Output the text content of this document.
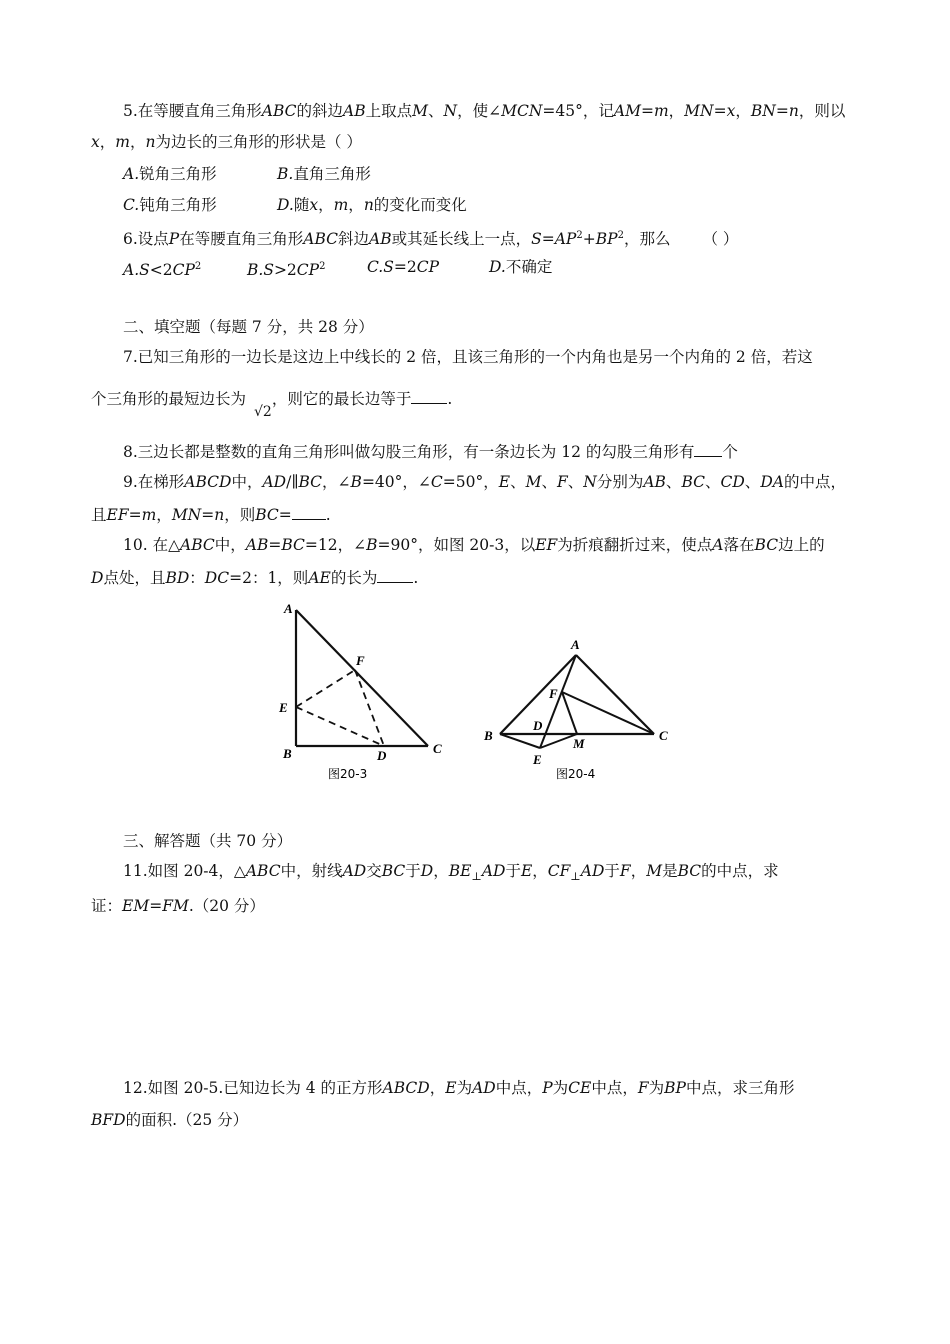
5.在等腰直角三角形ABC的斜边AB上取点M、N，使∠MCN=45°，记AM=m，MN=x，BN=n，则以
x，m，n为边长的三角形的形状是（ ）
A.锐角三角形	B.直角三角形
C.钝角三角形	D.随x，m，n的变化而变化
6.设点P在等腰直角三角形ABC斜边AB或其延长线上一点，$S=AP^2+BP^2$，那么 （ ）
$A.S<2CP^2$	$B.S>2CP^2$	C.S=2CP	D.不确定
二、填空题（每题 7 分，共 28 分）
7.已知三角形的一边长是这边上中线长的 2 倍，且该三角形的一个内角也是另一个内角的 2 倍，若这
个三角形的最短边长为√2，则它的最长边等于 .
8.三边长都是整数的直角三角形叫做勾股三角形，有一条边长为 12 的勾股三角形有 个
9.在梯形ABCD中，AD/∥BC，∠B=40°，∠C=50°，E、M、F、N分别为AB、BC、CD、DA的中点，
且EF=m，MN=n，则BC= .
10. 在△ABC中，AB=BC=12，∠B=90°，如图 20-3，以EF为折痕翻折过来，使点A落在BC边上的
D点处，且BD：DC=2：1，则AE的长为 .
A
F
E
B	D	C
图20-3
A
F
D
B
M
C
E
图20-4
三、解答题（共 70 分）
11.如图 20-4，△ABC中，射线AD交BC于D，$BE_\perp AD$于E，$CF_\perp AD$于F，M是BC的中点，求
证：EM=FM.（20 分）
12.如图 20-5.已知边长为 4 的正方形ABCD，E为AD中点，P为CE中点，F为BP中点，求三角形
BFD的面积.（25 分）
